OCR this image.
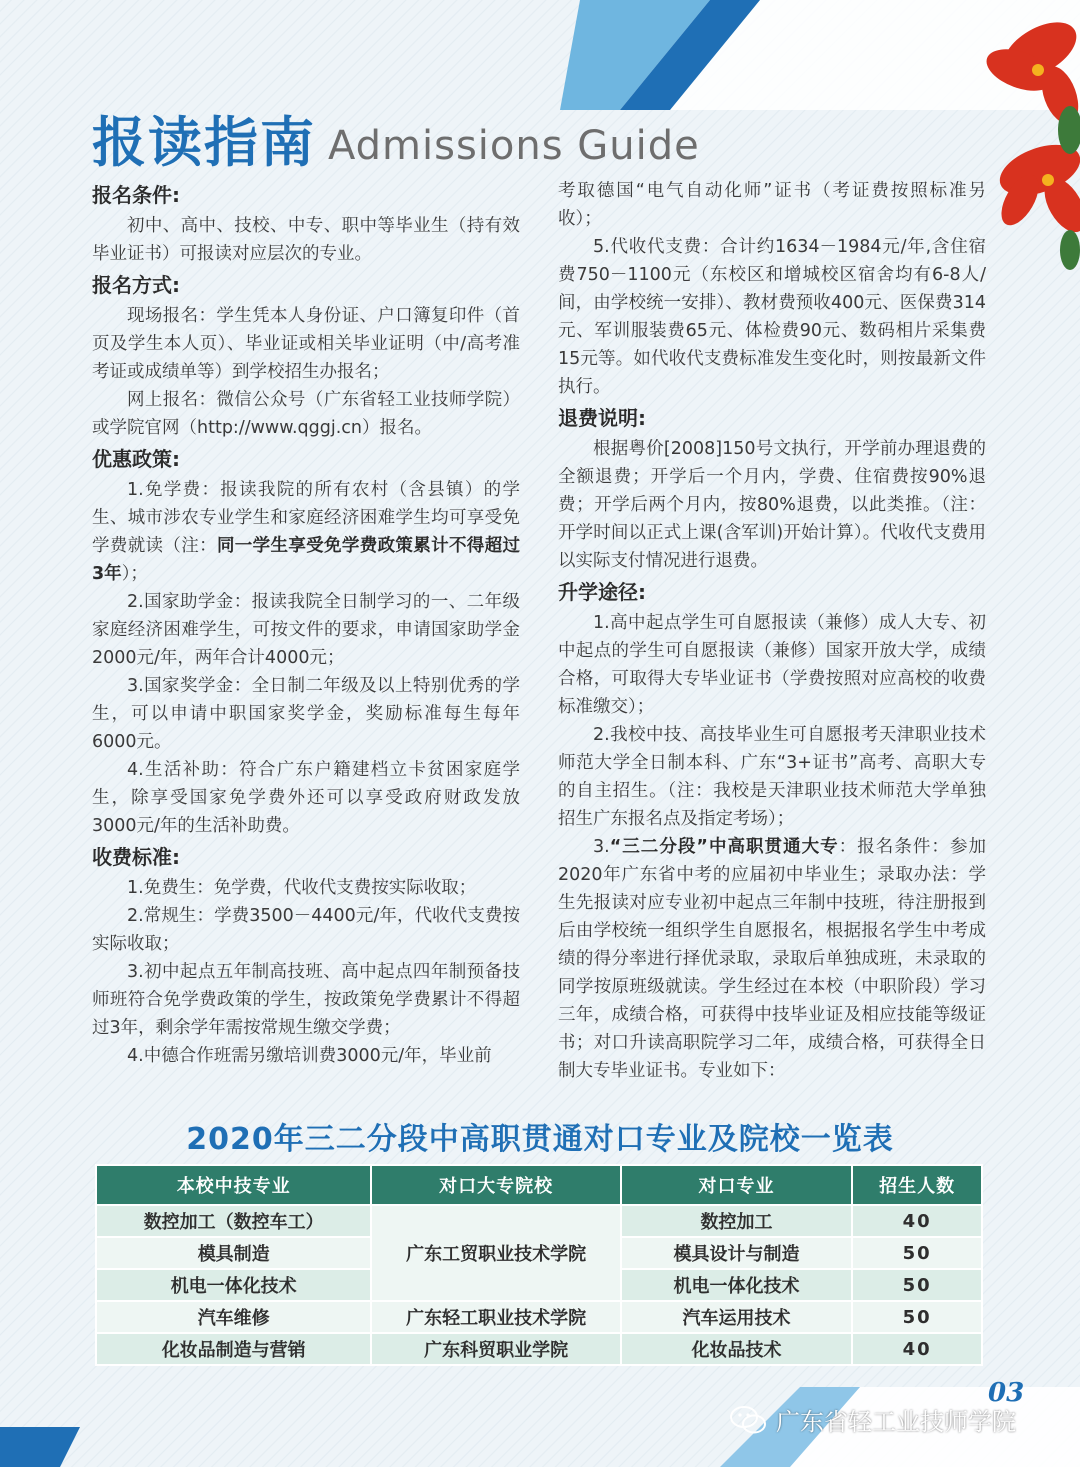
报读指南 Admissions Guide
报名条件:

初中、高中、技校、中专、职中等毕业生（持有效毕业证书）可报读对应层次的专业。

报名方式:

现场报名：学生凭本人身份证、户口簿复印件（首页及学生本人页）、毕业证或相关毕业证明（中/高考准考证或成绩单等）到学校招生办报名；

网上报名：微信公众号（广东省轻工业技师学院）或学院官网（http://www.qggj.cn）报名。

优惠政策:

1.免学费：报读我院的所有农村（含县镇）的学生、城市涉农专业学生和家庭经济困难学生均可享受免学费就读（注：同一学生享受免学费政策累计不得超过3年）；

2.国家助学金：报读我院全日制学习的一、二年级家庭经济困难学生，可按文件的要求，申请国家助学金2000元/年，两年合计4000元；

3.国家奖学金：全日制二年级及以上特别优秀的学生，可以申请中职国家奖学金，奖励标准每生每年6000元。

4.生活补助：符合广东户籍建档立卡贫困家庭学生，除享受国家免学费外还可以享受政府财政发放3000元/年的生活补助费。

收费标准:

1.免费生：免学费，代收代支费按实际收取；

2.常规生：学费3500－4400元/年，代收代支费按实际收取；

3.初中起点五年制高技班、高中起点四年制预备技师班符合免学费政策的学生，按政策免学费累计不得超过3年，剩余学年需按常规生缴交学费；

4.中德合作班需另缴培训费3000元/年，毕业前

考取德国“电气自动化师”证书（考证费按照标准另收）；

5.代收代支费：合计约1634－1984元/年,含住宿费750－1100元（东校区和增城校区宿舍均有6-8人/间，由学校统一安排）、教材费预收400元、医保费314元、军训服装费65元、体检费90元、数码相片采集费15元等。如代收代支费标准发生变化时，则按最新文件执行。

退费说明:

根据粤价[2008]150号文执行，开学前办理退费的全额退费；开学后一个月内，学费、住宿费按90%退费；开学后两个月内，按80%退费，以此类推。（注：开学时间以正式上课(含军训)开始计算）。代收代支费用以实际支付情况进行退费。

升学途径:

1.高中起点学生可自愿报读（兼修）成人大专、初中起点的学生可自愿报读（兼修）国家开放大学，成绩合格，可取得大专毕业证书（学费按照对应高校的收费标准缴交）；

2.我校中技、高技毕业生可自愿报考天津职业技术师范大学全日制本科、广东“3+证书”高考、高职大专的自主招生。（注：我校是天津职业技术师范大学单独招生广东报名点及指定考场）；

3.“三二分段”中高职贯通大专：报名条件：参加2020年广东省中考的应届初中毕业生；录取办法：学生先报读对应专业初中起点三年制中技班，待注册报到后由学校统一组织学生自愿报名，根据报名学生中考成绩的得分率进行择优录取，录取后单独成班，未录取的同学按原班级就读。学生经过在本校（中职阶段）学习三年，成绩合格，可获得中技毕业证及相应技能等级证书；对口升读高职院学习二年，成绩合格，可获得全日制大专毕业证书。专业如下：

2020年三二分段中高职贯通对口专业及院校一览表
本校中技专业	对口大专院校	对口专业	招生人数
数控加工（数控车工）	广东工贸职业技术学院	数控加工	40
模具制造		模具设计与制造	50
机电一体化技术		机电一体化技术	50
汽车维修	广东轻工职业技术学院	汽车运用技术	50
化妆品制造与营销	广东科贸职业学院	化妆品技术	40
03
广东省轻工业技师学院
